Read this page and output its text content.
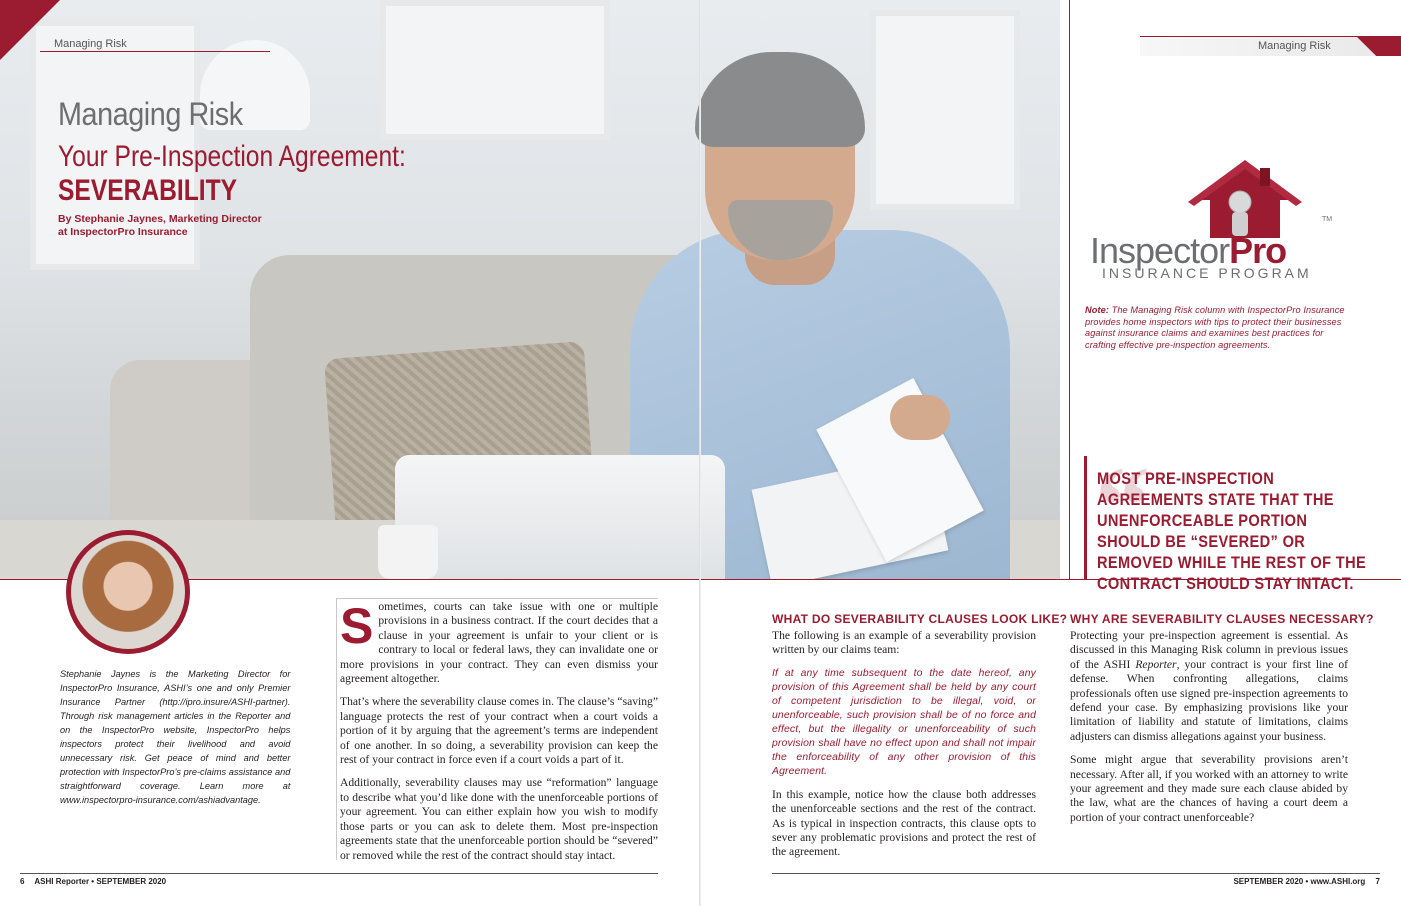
Managing Risk
Managing Risk
Your Pre-Inspection Agreement:
SEVERABILITY
By Stephanie Jaynes, Marketing Director
at InspectorPro Insurance
Stephanie Jaynes is the Marketing Director for InspectorPro Insurance, ASHI’s one and only Premier Insurance Partner (http://ipro.insure/ASHI-partner). Through risk management articles in the Reporter and on the InspectorPro website, InspectorPro helps inspectors protect their livelihood and avoid unnecessary risk. Get peace of mind and better protection with InspectorPro’s pre-claims assistance and straightforward coverage. Learn more at www.inspectorpro-insurance.com/ashiadvantage.

Sometimes, courts can take issue with one or multiple provisions in a business contract. If the court decides that a clause in your agreement is unfair to your client or is contrary to local or federal laws, they can invalidate one or more provisions in your contract. They can even dismiss your agreement altogether.

That’s where the severability clause comes in. The clause’s “saving” language protects the rest of your contract when a court voids a portion of it by arguing that the agreement’s terms are independent of one another. In so doing, a severability provision can keep the rest of your contract in force even if a court voids a part of it.

Additionally, severability clauses may use “reformation” language to describe what you’d like done with the unenforceable portions of your agreement. You can either explain how you wish to modify those parts or you can ask to delete them. Most pre-inspection agreements state that the unenforceable portion should be “severed” or removed while the rest of the contract should stay intact.

6 ASHI Reporter • SEPTEMBER 2020
Managing Risk
TM
InspectorPro
INSURANCE PROGRAM
Note: The Managing Risk column with InspectorPro Insurance provides home inspectors with tips to protect their businesses against insurance claims and examines best practices for crafting effective pre-inspection agreements.
“
MOST PRE-INSPECTION AGREEMENTS STATE THAT THE UNENFORCEABLE PORTION SHOULD BE “SEVERED” OR REMOVED WHILE THE REST OF THE CONTRACT SHOULD STAY INTACT.
WHAT DO SEVERABILITY CLAUSES LOOK LIKE?

The following is an example of a severability provision written by our claims team:

If at any time subsequent to the date hereof, any provision of this Agreement shall be held by any court of competent jurisdiction to be illegal, void, or unenforceable, such provision shall be of no force and effect, but the illegality or unenforceability of such provision shall have no effect upon and shall not impair the enforceability of any other provision of this Agreement.

In this example, notice how the clause both addresses the unenforceable sections and the rest of the contract. As is typical in inspection contracts, this clause opts to sever any problematic provisions and protect the rest of the agreement.

WHY ARE SEVERABILITY CLAUSES NECESSARY?

Protecting your pre-inspection agreement is essential. As discussed in this Managing Risk column in previous issues of the ASHI Reporter, your contract is your first line of defense. When confronting allegations, claims professionals often use signed pre-inspection agreements to defend your case. By emphasizing provisions like your limitation of liability and statute of limitations, claims adjusters can dismiss allegations against your business.

Some might argue that severability provisions aren’t necessary. After all, if you worked with an attorney to write your agreement and they made sure each clause abided by the law, what are the chances of having a court deem a portion of your contract unenforceable?

SEPTEMBER 2020 • www.ASHI.org 7
